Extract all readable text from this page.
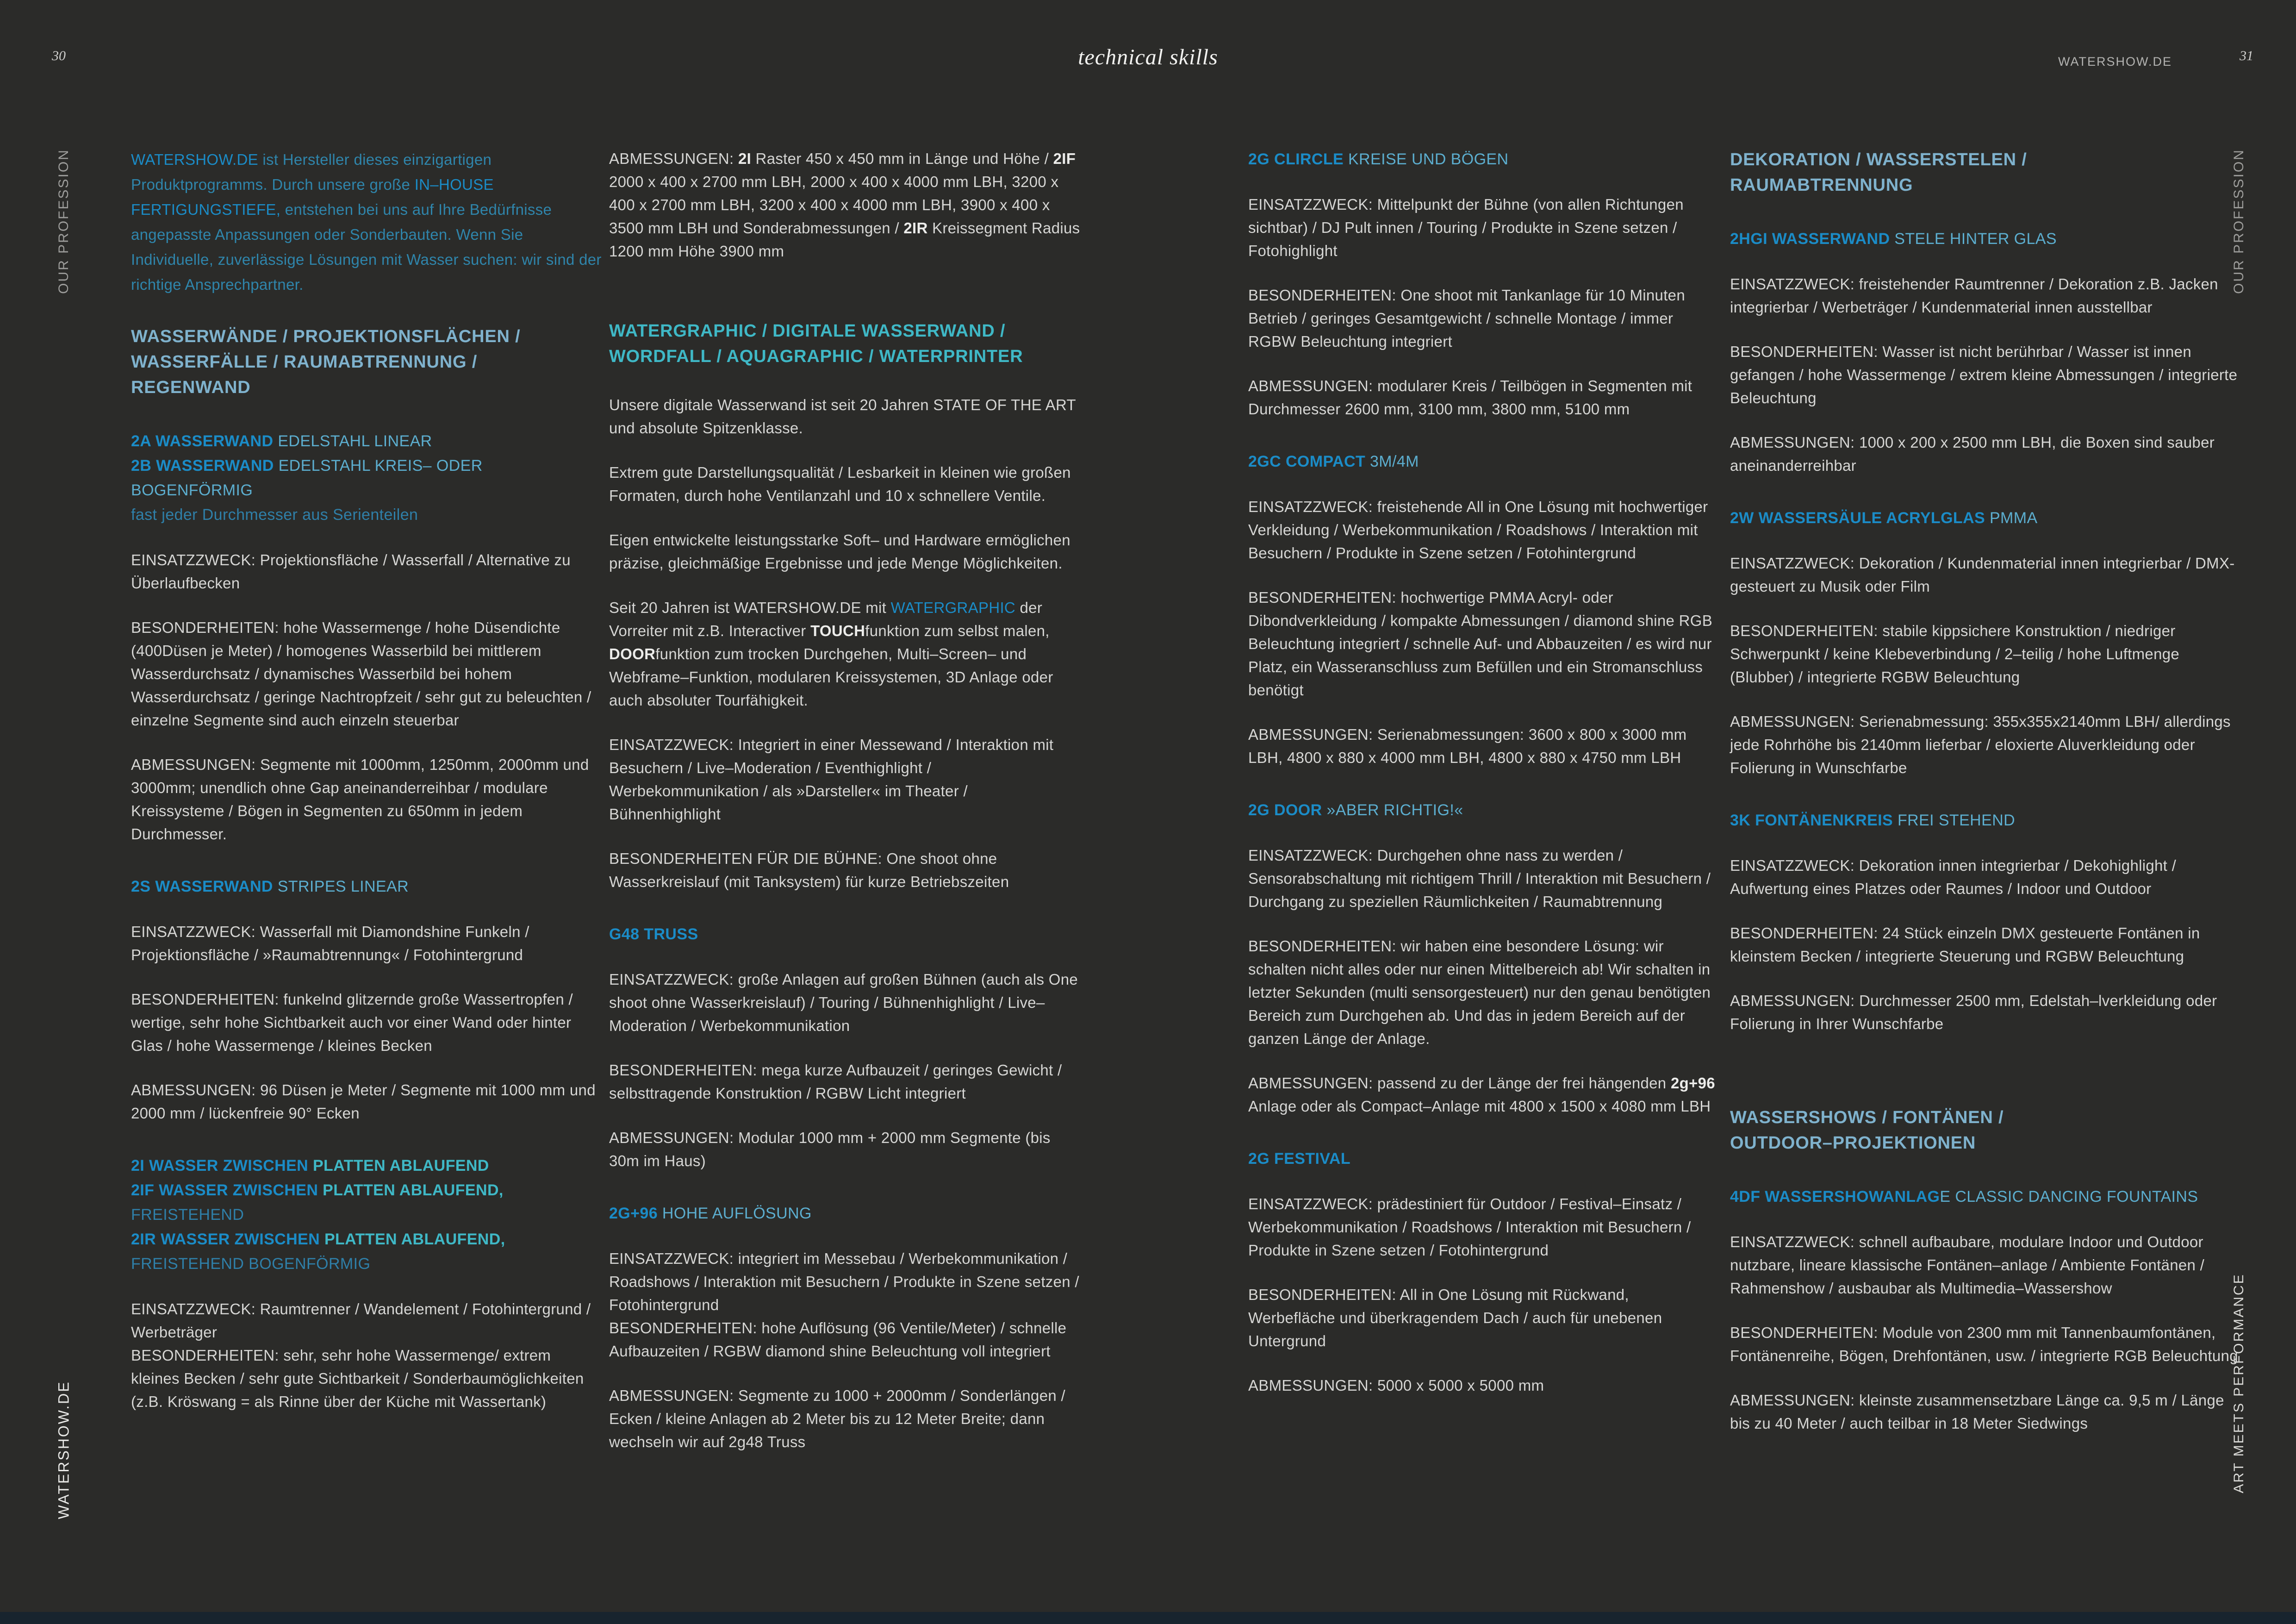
30	technical skills	WATERSHOW.DE	31
OUR PROFESSION
WATERSHOW.DE
OUR PROFESSION
ART MEETS PERFORMANCE
WATERSHOW.DE ist Hersteller dieses einzigartigen Produktprogramms. Durch unsere große IN–HOUSE FERTIGUNGSTIEFE, entstehen bei uns auf Ihre Bedürfnisse angepasste Anpassungen oder Sonderbauten. Wenn Sie Individuelle, zuverlässige Lösungen mit Wasser suchen: wir sind der richtige Ansprechpartner.
WASSERWÄNDE / PROJEKTIONSFLÄCHEN /
WASSERFÄLLE / RAUMABTRENNUNG /
REGENWAND
2A WASSERWAND EDELSTAHL LINEAR
2B WASSERWAND EDELSTAHL KREIS– ODER
BOGENFÖRMIG
fast jeder Durchmesser aus Serienteilen
EINSATZZWECK: Projektionsfläche / Wasserfall / Alternative zu Überlaufbecken
BESONDERHEITEN: hohe Wassermenge / hohe Düsendichte (400Düsen je Meter) / homogenes Wasserbild bei mittlerem Wasserdurchsatz / dynamisches Wasserbild bei hohem Wasserdurchsatz / geringe Nachtropfzeit / sehr gut zu beleuchten / einzelne Segmente sind auch einzeln steuerbar
ABMESSUNGEN: Segmente mit 1000mm, 1250mm, 2000mm und 3000mm; unendlich ohne Gap aneinanderreihbar / modulare Kreissysteme / Bögen in Segmenten zu 650mm in jedem Durchmesser.
2S WASSERWAND STRIPES LINEAR
EINSATZZWECK: Wasserfall mit Diamondshine Funkeln / Projektionsfläche / »Raumabtrennung« / Fotohintergrund
BESONDERHEITEN: funkelnd glitzernde große Wassertropfen / wertige, sehr hohe Sichtbarkeit auch vor einer Wand oder hinter Glas / hohe Wassermenge / kleines Becken
ABMESSUNGEN: 96 Düsen je Meter / Segmente mit 1000 mm und 2000 mm / lückenfreie 90° Ecken
2I WASSER ZWISCHEN PLATTEN ABLAUFEND
2IF WASSER ZWISCHEN PLATTEN ABLAUFEND,
FREISTEHEND
2IR WASSER ZWISCHEN PLATTEN ABLAUFEND,
FREISTEHEND BOGENFÖRMIG
EINSATZZWECK: Raumtrenner / Wandelement / Fotohintergrund / Werbeträger
BESONDERHEITEN: sehr, sehr hohe Wassermenge/ extrem kleines Becken / sehr gute Sichtbarkeit / Sonderbaumöglichkeiten
(z.B. Kröswang = als Rinne über der Küche mit Wassertank)
ABMESSUNGEN: 2I Raster 450 x 450 mm in Länge und Höhe / 2IF 2000 x 400 x 2700 mm LBH, 2000 x 400 x 4000 mm LBH, 3200 x 400 x 2700 mm LBH, 3200 x 400 x 4000 mm LBH, 3900 x 400 x 3500 mm LBH und Sonderabmessungen / 2IR Kreissegment Radius 1200 mm Höhe 3900 mm
WATERGRAPHIC / DIGITALE WASSERWAND /
WORDFALL / AQUAGRAPHIC / WATERPRINTER
Unsere digitale Wasserwand ist seit 20 Jahren STATE OF THE ART und absolute Spitzenklasse.
Extrem gute Darstellungsqualität / Lesbarkeit in kleinen wie großen Formaten, durch hohe Ventilanzahl und 10 x schnellere Ventile.
Eigen entwickelte leistungsstarke Soft– und Hardware ermöglichen präzise, gleichmäßige Ergebnisse und jede Menge Möglichkeiten.
Seit 20 Jahren ist WATERSHOW.DE mit WATERGRAPHIC der Vorreiter mit z.B. Interactiver TOUCHfunktion zum selbst malen, DOORfunktion zum trocken Durchgehen, Multi–Screen– und Webframe–Funktion, modularen Kreissystemen, 3D Anlage oder auch absoluter Tourfähigkeit.
EINSATZZWECK: Integriert in einer Messewand / Interaktion mit Besuchern / Live–Moderation / Eventhighlight / Werbekommunikation / als »Darsteller« im Theater / Bühnenhighlight
BESONDERHEITEN FÜR DIE BÜHNE: One shoot ohne Wasserkreislauf (mit Tanksystem) für kurze Betriebszeiten
G48 TRUSS
EINSATZZWECK: große Anlagen auf großen Bühnen (auch als One shoot ohne Wasserkreislauf) / Touring / Bühnenhighlight / Live–Moderation / Werbekommunikation
BESONDERHEITEN: mega kurze Aufbauzeit / geringes Gewicht / selbsttragende Konstruktion / RGBW Licht integriert
ABMESSUNGEN: Modular 1000 mm + 2000 mm Segmente (bis 30m im Haus)
2G+96 HOHE AUFLÖSUNG
EINSATZZWECK: integriert im Messebau / Werbekommunikation / Roadshows / Interaktion mit Besuchern / Produkte in Szene setzen / Fotohintergrund
BESONDERHEITEN: hohe Auflösung (96 Ventile/Meter) / schnelle Aufbauzeiten / RGBW diamond shine Beleuchtung voll integriert
ABMESSUNGEN: Segmente zu 1000 + 2000mm / Sonderlängen / Ecken / kleine Anlagen ab 2 Meter bis zu 12 Meter Breite; dann wechseln wir auf 2g48 Truss
2G CLIRCLE KREISE UND BÖGEN
EINSATZZWECK: Mittelpunkt der Bühne (von allen Richtungen sichtbar) / DJ Pult innen / Touring / Produkte in Szene setzen / Fotohighlight
BESONDERHEITEN: One shoot mit Tankanlage für 10 Minuten Betrieb / geringes Gesamtgewicht / schnelle Montage / immer RGBW Beleuchtung integriert
ABMESSUNGEN: modularer Kreis / Teilbögen in Segmenten mit Durchmesser 2600 mm, 3100 mm, 3800 mm, 5100 mm
2GC COMPACT 3M/4M
EINSATZZWECK: freistehende All in One Lösung mit hochwertiger Verkleidung / Werbekommunikation / Roadshows / Interaktion mit Besuchern / Produkte in Szene setzen / Fotohintergrund
BESONDERHEITEN: hochwertige PMMA Acryl- oder Dibondverkleidung / kompakte Abmessungen / diamond shine RGB Beleuchtung integriert / schnelle Auf- und Abbauzeiten / es wird nur Platz, ein Wasseranschluss zum Befüllen und ein Stromanschluss benötigt
ABMESSUNGEN: Serienabmessungen: 3600 x 800 x 3000 mm LBH, 4800 x 880 x 4000 mm LBH, 4800 x 880 x 4750 mm LBH
2G DOOR »ABER RICHTIG!«
EINSATZZWECK: Durchgehen ohne nass zu werden / Sensorabschaltung mit richtigem Thrill / Interaktion mit Besuchern / Durchgang zu speziellen Räumlichkeiten / Raumabtrennung
BESONDERHEITEN: wir haben eine besondere Lösung: wir schalten nicht alles oder nur einen Mittelbereich ab! Wir schalten in letzter Sekunden (multi sensorgesteuert) nur den genau benötigten Bereich zum Durchgehen ab. Und das in jedem Bereich auf der ganzen Länge der Anlage.
ABMESSUNGEN: passend zu der Länge der frei hängenden 2g+96 Anlage oder als Compact–Anlage mit 4800 x 1500 x 4080 mm LBH
2G FESTIVAL
EINSATZZWECK: prädestiniert für Outdoor / Festival–Einsatz / Werbekommunikation / Roadshows / Interaktion mit Besuchern / Produkte in Szene setzen / Fotohintergrund
BESONDERHEITEN: All in One Lösung mit Rückwand, Werbefläche und überkragendem Dach / auch für unebenen Untergrund
ABMESSUNGEN: 5000 x 5000 x 5000 mm
DEKORATION / WASSERSTELEN /
RAUMABTRENNUNG
2HGI WASSERWAND STELE HINTER GLAS
EINSATZZWECK: freistehender Raumtrenner / Dekoration z.B. Jacken integrierbar / Werbeträger / Kundenmaterial innen ausstellbar
BESONDERHEITEN: Wasser ist nicht berührbar / Wasser ist innen gefangen / hohe Wassermenge / extrem kleine Abmessungen / integrierte Beleuchtung
ABMESSUNGEN: 1000 x 200 x 2500 mm LBH, die Boxen sind sauber aneinanderreihbar
2W WASSERSÄULE ACRYLGLAS PMMA
EINSATZZWECK: Dekoration / Kundenmaterial innen integrierbar / DMX-gesteuert zu Musik oder Film
BESONDERHEITEN: stabile kippsichere Konstruktion / niedriger Schwerpunkt / keine Klebeverbindung / 2–teilig / hohe Luftmenge (Blubber) / integrierte RGBW Beleuchtung
ABMESSUNGEN: Serienabmessung: 355x355x2140mm LBH/ allerdings jede Rohrhöhe bis 2140mm lieferbar / eloxierte Aluverkleidung oder Folierung in Wunschfarbe
3K FONTÄNENKREIS FREI STEHEND
EINSATZZWECK: Dekoration innen integrierbar / Dekohighlight / Aufwertung eines Platzes oder Raumes / Indoor und Outdoor
BESONDERHEITEN: 24 Stück einzeln DMX gesteuerte Fontänen in kleinstem Becken / integrierte Steuerung und RGBW Beleuchtung
ABMESSUNGEN: Durchmesser 2500 mm, Edelstah–lverkleidung oder Folierung in Ihrer Wunschfarbe
WASSERSHOWS / FONTÄNEN /
OUTDOOR–PROJEKTIONEN
4DF WASSERSHOWANLAGE CLASSIC DANCING FOUNTAINS
EINSATZZWECK: schnell aufbaubare, modulare Indoor und Outdoor nutzbare, lineare klassische Fontänen–anlage / Ambiente Fontänen / Rahmenshow / ausbaubar als Multimedia–Wassershow
BESONDERHEITEN: Module von 2300 mm mit Tannenbaumfontänen, Fontänenreihe, Bögen, Drehfontänen, usw. / integrierte RGB Beleuchtung
ABMESSUNGEN: kleinste zusammensetzbare Länge ca. 9,5 m / Länge bis zu 40 Meter / auch teilbar in 18 Meter Siedwings
